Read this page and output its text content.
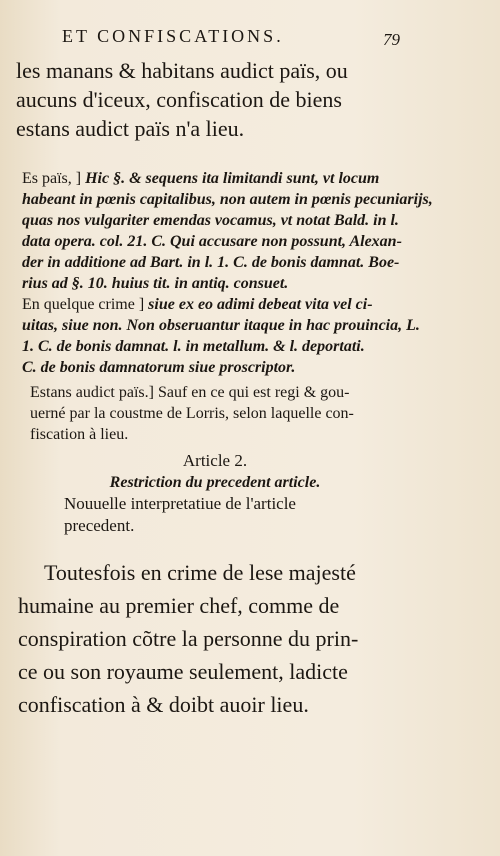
ET CONFISCATIONS.	79
les manans & habitans audict païs, ou
aucuns d'iceux, confiscation de biens
estans audict païs n'a lieu.
Es païs, ] Hic §. & sequens ita limitandi sunt, vt locum
habeant in pœnis capitalibus, non autem in pœnis pecuniarijs,
quas nos vulgariter emendas vocamus, vt notat Bald. in l.
data opera. col. 21. C. Qui accusare non possunt, Alexan-
der in additione ad Bart. in l. 1. C. de bonis damnat. Boe-
rius ad §. 10. huius tit. in antiq. consuet.
En quelque crime ] siue ex eo adimi debeat vita vel ci-
uitas, siue non. Non obseruantur itaque in hac prouincia, L.
1. C. de bonis damnat. l. in metallum. & l. deportati.
C. de bonis damnatorum siue proscriptor.
Estans audict païs.] Sauf en ce qui est regi & gou-
uerné par la coustme de Lorris, selon laquelle con-
fiscation à lieu.
Article 2.
Restriction du precedent article.
Nouuelle interpretatiue de l'article
precedent.
Toutesfois en crime de lese majesté
humaine au premier chef, comme de
conspiration cõtre la personne du prin-
ce ou son royaume seulement, ladicte
confiscation à & doibt auoir lieu.
